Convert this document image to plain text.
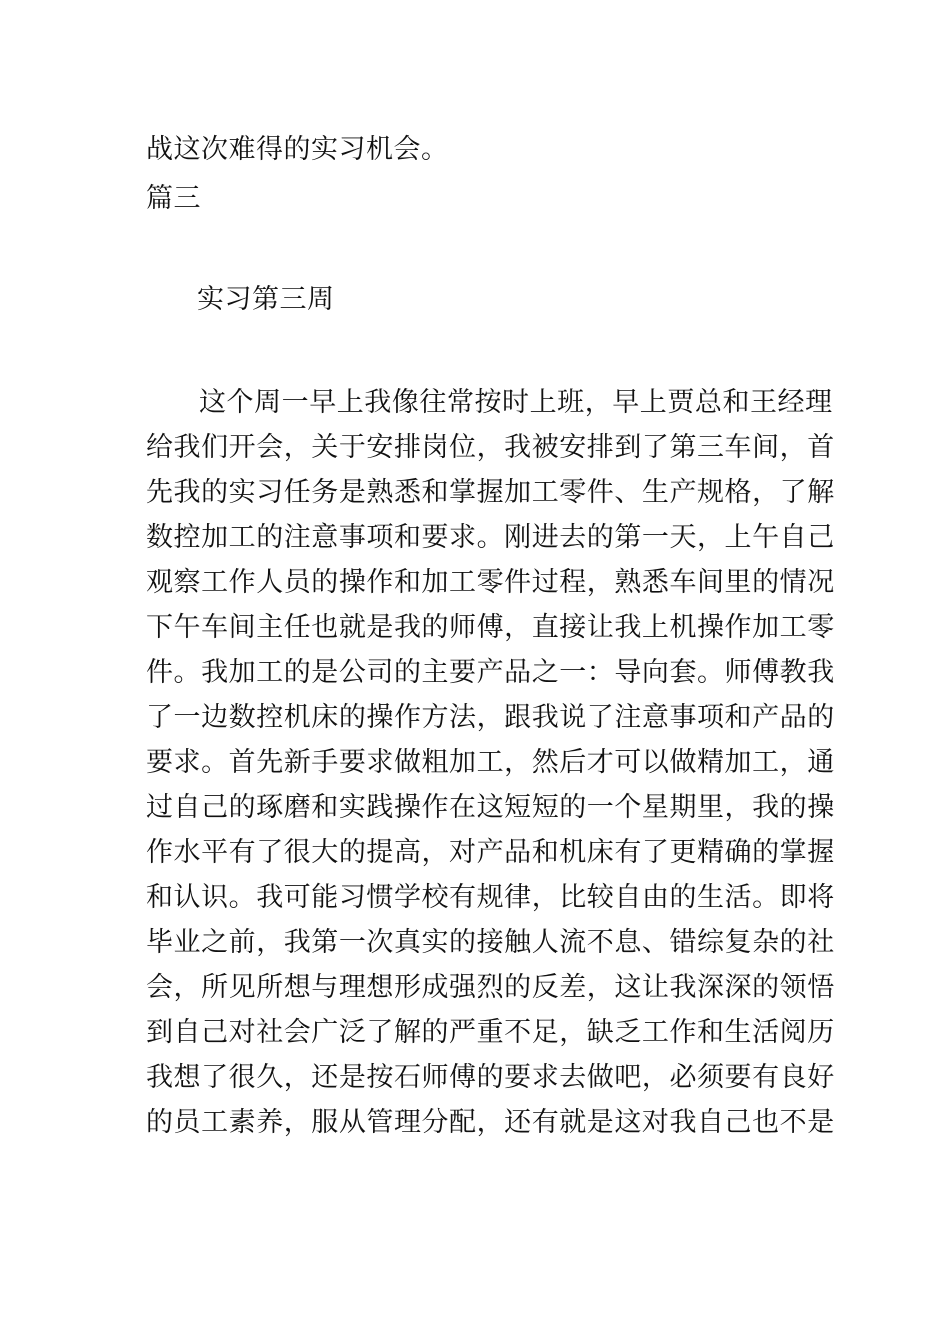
战这次难得的实习机会。
篇三
实习第三周
这个周一早上我像往常按时上班，早上贾总和王经理
给我们开会，关于安排岗位，我被安排到了第三车间，首
先我的实习任务是熟悉和掌握加工零件、生产规格，了解
数控加工的注意事项和要求。刚进去的第一天，上午自己
观察工作人员的操作和加工零件过程，熟悉车间里的情况
下午车间主任也就是我的师傅，直接让我上机操作加工零
件。我加工的是公司的主要产品之一：导向套。师傅教我
了一边数控机床的操作方法，跟我说了注意事项和产品的
要求。首先新手要求做粗加工，然后才可以做精加工，通
过自己的琢磨和实践操作在这短短的一个星期里，我的操
作水平有了很大的提高，对产品和机床有了更精确的掌握
和认识。我可能习惯学校有规律，比较自由的生活。即将
毕业之前，我第一次真实的接触人流不息、错综复杂的社
会，所见所想与理想形成强烈的反差，这让我深深的领悟
到自己对社会广泛了解的严重不足，缺乏工作和生活阅历
我想了很久，还是按石师傅的要求去做吧，必须要有良好
的员工素养，服从管理分配，还有就是这对我自己也不是
